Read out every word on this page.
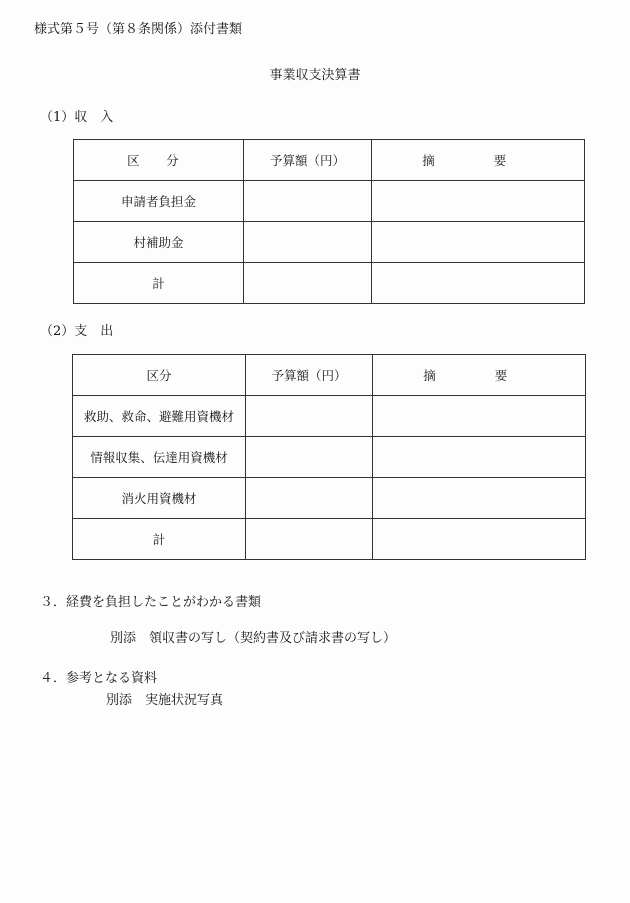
様式第５号（第８条関係）添付書類
事業収支決算書
（1）収　入
区 分	予算額（円）	摘 要
申請者負担金		
村補助金		
計		
（2）支　出
区分	予算額（円）	摘 要
救助、救命、避難用資機材		
情報収集、伝達用資機材		
消火用資機材		
計		
３．経費を負担したことがわかる書類
別添　領収書の写し（契約書及び請求書の写し）
４．参考となる資料
別添　実施状況写真
